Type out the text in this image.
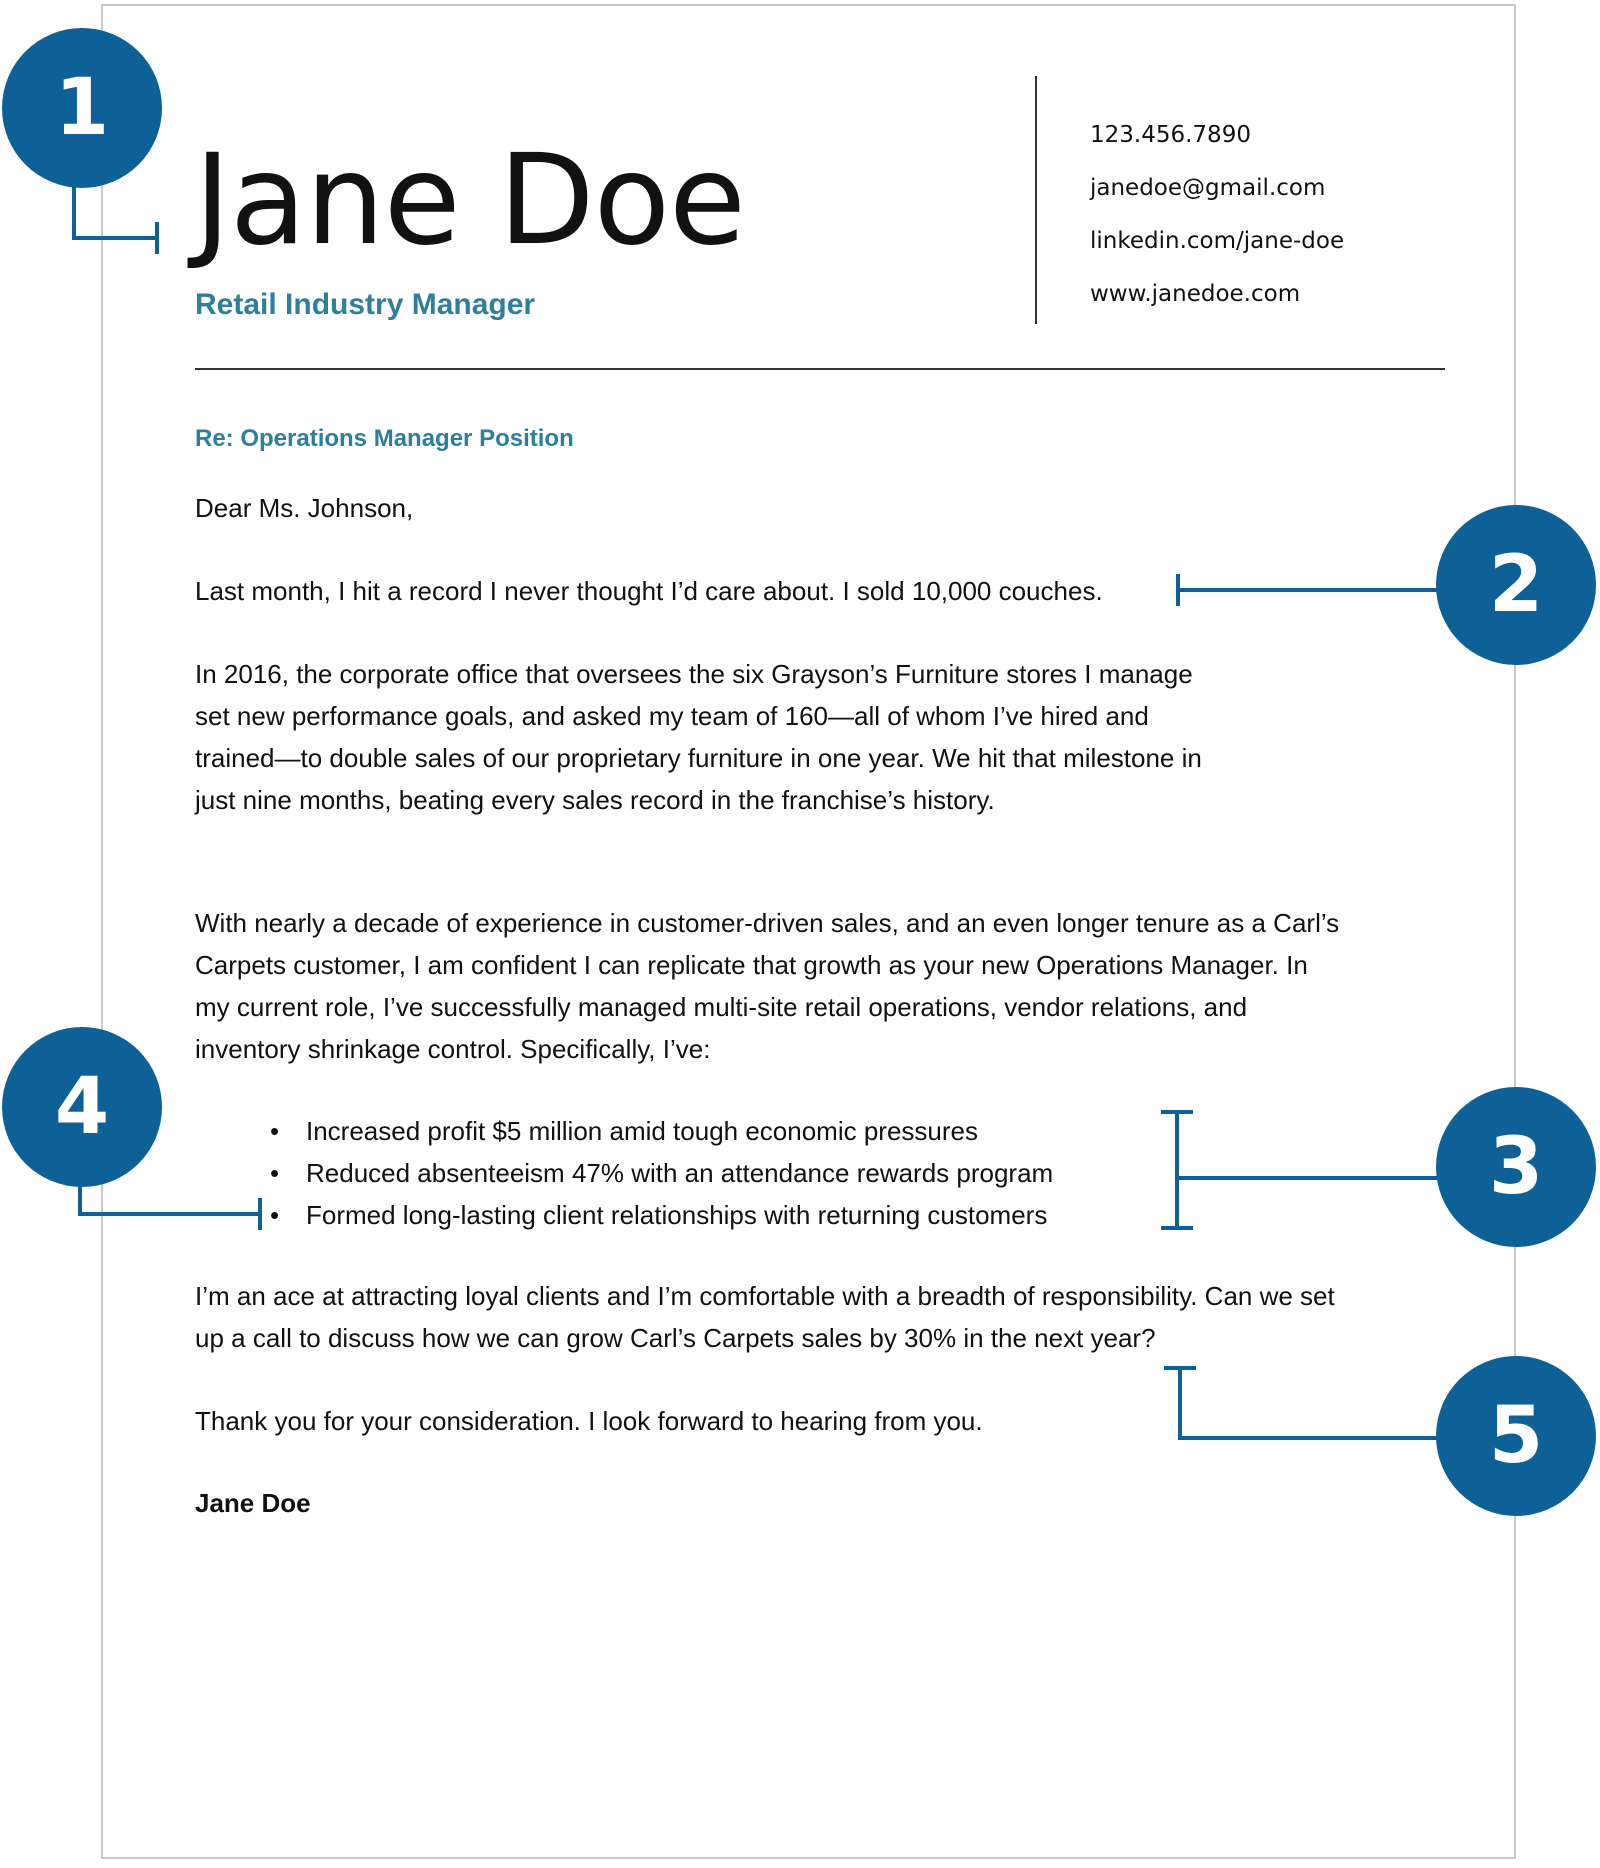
Jane Doe
Retail Industry Manager
123.456.7890
janedoe@gmail.com
linkedin.com/jane-doe
www.janedoe.com
Re: Operations Manager Position
Dear Ms. Johnson,
Last month, I hit a record I never thought I’d care about. I sold 10,000 couches.
In 2016, the corporate office that oversees the six Grayson’s Furniture stores I manage set new performance goals, and asked my team of 160—all of whom I’ve hired and trained—to double sales of our proprietary furniture in one year. We hit that milestone in just nine months, beating every sales record in the franchise’s history.
With nearly a decade of experience in customer-driven sales, and an even longer tenure as a Carl’s Carpets customer, I am confident I can replicate that growth as your new Operations Manager. In my current role, I’ve successfully managed multi-site retail operations, vendor relations, and inventory shrinkage control. Specifically, I’ve:
• Increased profit $5 million amid tough economic pressures
• Reduced absenteeism 47% with an attendance rewards program
• Formed long-lasting client relationships with returning customers
I’m an ace at attracting loyal clients and I’m comfortable with a breadth of responsibility. Can we set up a call to discuss how we can grow Carl’s Carpets sales by 30% in the next year?
Thank you for your consideration. I look forward to hearing from you.
Jane Doe
1
2
3
4
5
